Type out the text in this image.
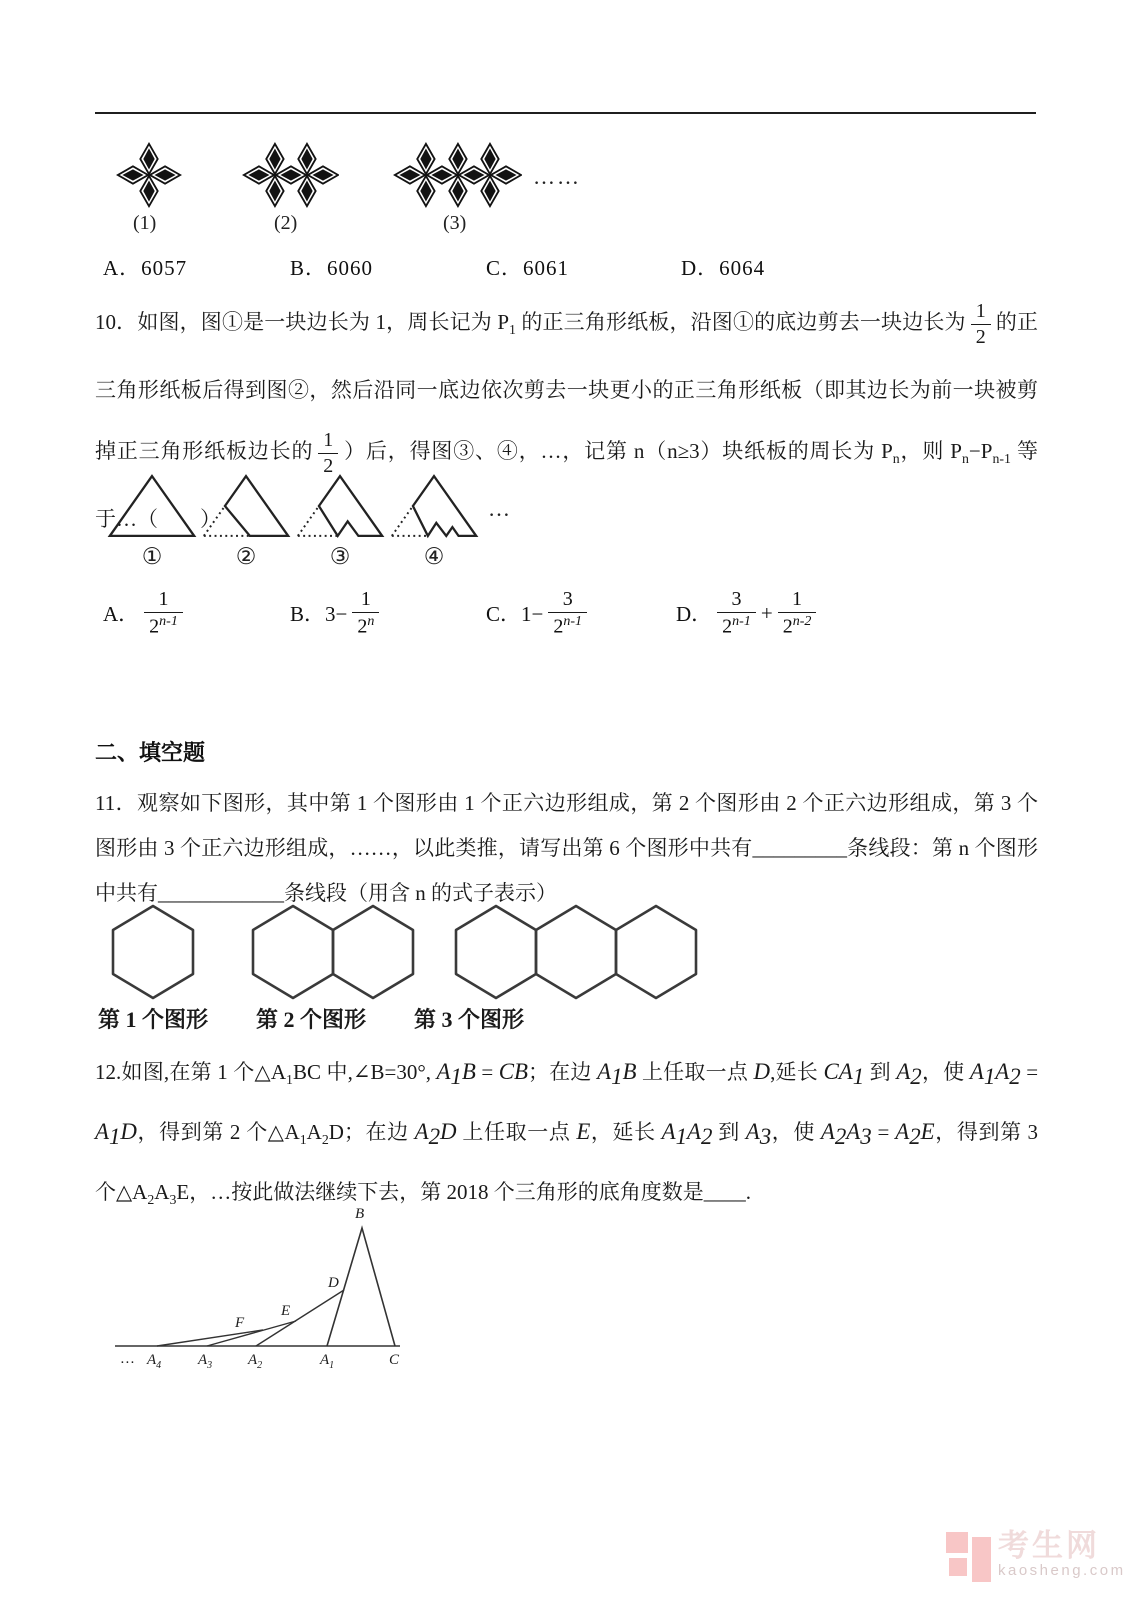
……
(1)	(2)	(3)
A．6057	B．6060	C．6061	D．6064
10．如图，图①是一块边长为 1，周长记为 $P_1$ 的正三角形纸板，沿图①的底边剪去一块边长为 $\frac{1}{2}$ 的正三角形纸板后得到图②，然后沿同一底边依次剪去一块更小的正三角形纸板（即其边长为前一块被剪掉正三角形纸板边长的 $\frac{1}{2}$ ）后，得图③、④，…，记第 n（n≥3）块纸板的周长为 $P_n$，则 $P_n-P_{n-1}$ 等于…（　　）
①	②	③	④
…
A． $\frac{1}{2^{n-1}}$	B．$3- \frac{1}{2^n}$	C．$1- \frac{3}{2^{n-1}}$	D． $\frac{3}{2^{n-1}} + \frac{1}{2^{n-2}}$
二、填空题
11．观察如下图形，其中第 1 个图形由 1 个正六边形组成，第 2 个图形由 2 个正六边形组成，第 3 个图形由 3 个正六边形组成，……，以此类推，请写出第 6 个图形中共有_________条线段：第 n 个图形中共有____________条线段（用含 n 的式子表示）
第 1 个图形 第 2 个图形 第 3 个图形
12.如图,在第 1 个$\triangle A_1BC$ 中,∠B=30°, $A_1B$ = CB；在边 $A_1B$ 上任取一点 D,延长 $CA_1$ 到 $A_2$，使 $A_1A_2 = A_1D$，得到第 2 个$\triangle A_1A_2D$；在边 $A_2D$ 上任取一点 E，延长 $A_1A_2$ 到 $A_3$，使 $A_2A_3 = A_2E$，得到第 3 个$\triangle A_2A_3E$，…按此做法继续下去，第 2018 个三角形的底角度数是____.
B
D
E
F
… $A_4$ $A_3$ $A_2$	$A_1$	C
考生网
kaosheng.com
